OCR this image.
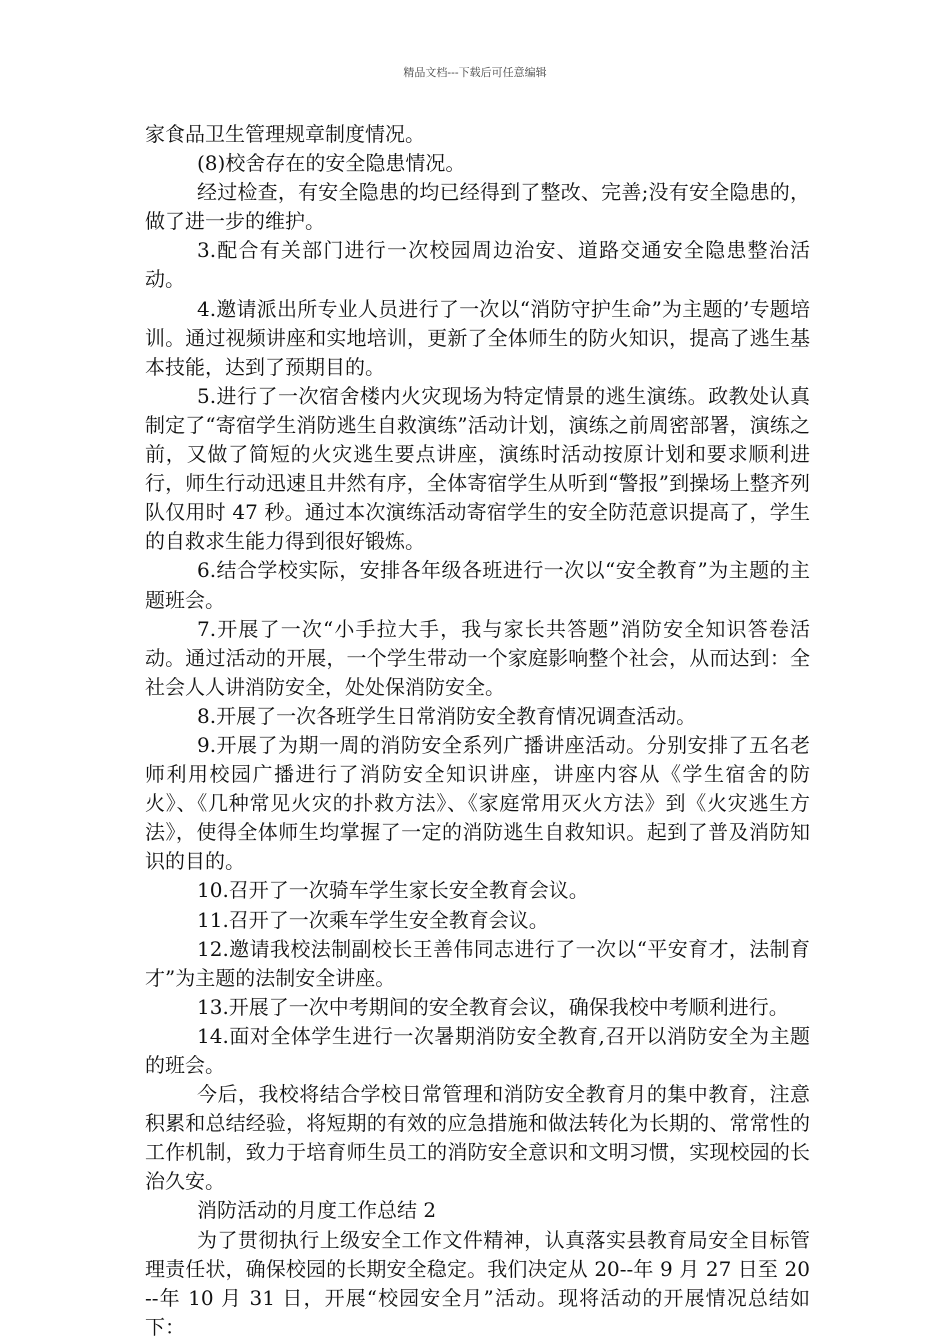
精品文档---下载后可任意编辑

家食品卫生管理规章制度情况。

(8)校舍存在的安全隐患情况。

经过检查，有安全隐患的均已经得到了整改、完善;没有安全隐患的，做了进一步的维护。

3.配合有关部门进行一次校园周边治安、道路交通安全隐患整治活动。

4.邀请派出所专业人员进行了一次以“消防守护生命”为主题的’专题培训。通过视频讲座和实地培训，更新了全体师生的防火知识，提高了逃生基本技能，达到了预期目的。

5.进行了一次宿舍楼内火灾现场为特定情景的逃生演练。政教处认真制定了“寄宿学生消防逃生自救演练”活动计划，演练之前周密部署，演练之前，又做了简短的火灾逃生要点讲座，演练时活动按原计划和要求顺利进行，师生行动迅速且井然有序，全体寄宿学生从听到“警报”到操场上整齐列队仅用时 47 秒。通过本次演练活动寄宿学生的安全防范意识提高了，学生的自救求生能力得到很好锻炼。

6.结合学校实际，安排各年级各班进行一次以“安全教育”为主题的主题班会。

7.开展了一次“小手拉大手，我与家长共答题”消防安全知识答卷活动。通过活动的开展，一个学生带动一个家庭影响整个社会，从而达到：全社会人人讲消防安全，处处保消防安全。

8.开展了一次各班学生日常消防安全教育情况调查活动。

9.开展了为期一周的消防安全系列广播讲座活动。分别安排了五名老师利用校园广播进行了消防安全知识讲座，讲座内容从《学生宿舍的防火》、《几种常见火灾的扑救方法》、《家庭常用灭火方法》到《火灾逃生方法》，使得全体师生均掌握了一定的消防逃生自救知识。起到了普及消防知识的目的。

10.召开了一次骑车学生家长安全教育会议。

11.召开了一次乘车学生安全教育会议。

12.邀请我校法制副校长王善伟同志进行了一次以“平安育才，法制育才”为主题的法制安全讲座。

13.开展了一次中考期间的安全教育会议，确保我校中考顺利进行。

14.面对全体学生进行一次暑期消防安全教育,召开以消防安全为主题的班会。

今后，我校将结合学校日常管理和消防安全教育月的集中教育，注意积累和总结经验，将短期的有效的应急措施和做法转化为长期的、常常性的工作机制，致力于培育师生员工的消防安全意识和文明习惯，实现校园的长治久安。

消防活动的月度工作总结 2

为了贯彻执行上级安全工作文件精神，认真落实县教育局安全目标管理责任状，确保校园的长期安全稳定。我们决定从 20--年 9 月 27 日至 20--年 10 月 31 日，开展“校园安全月”活动。现将活动的开展情况总结如下：
